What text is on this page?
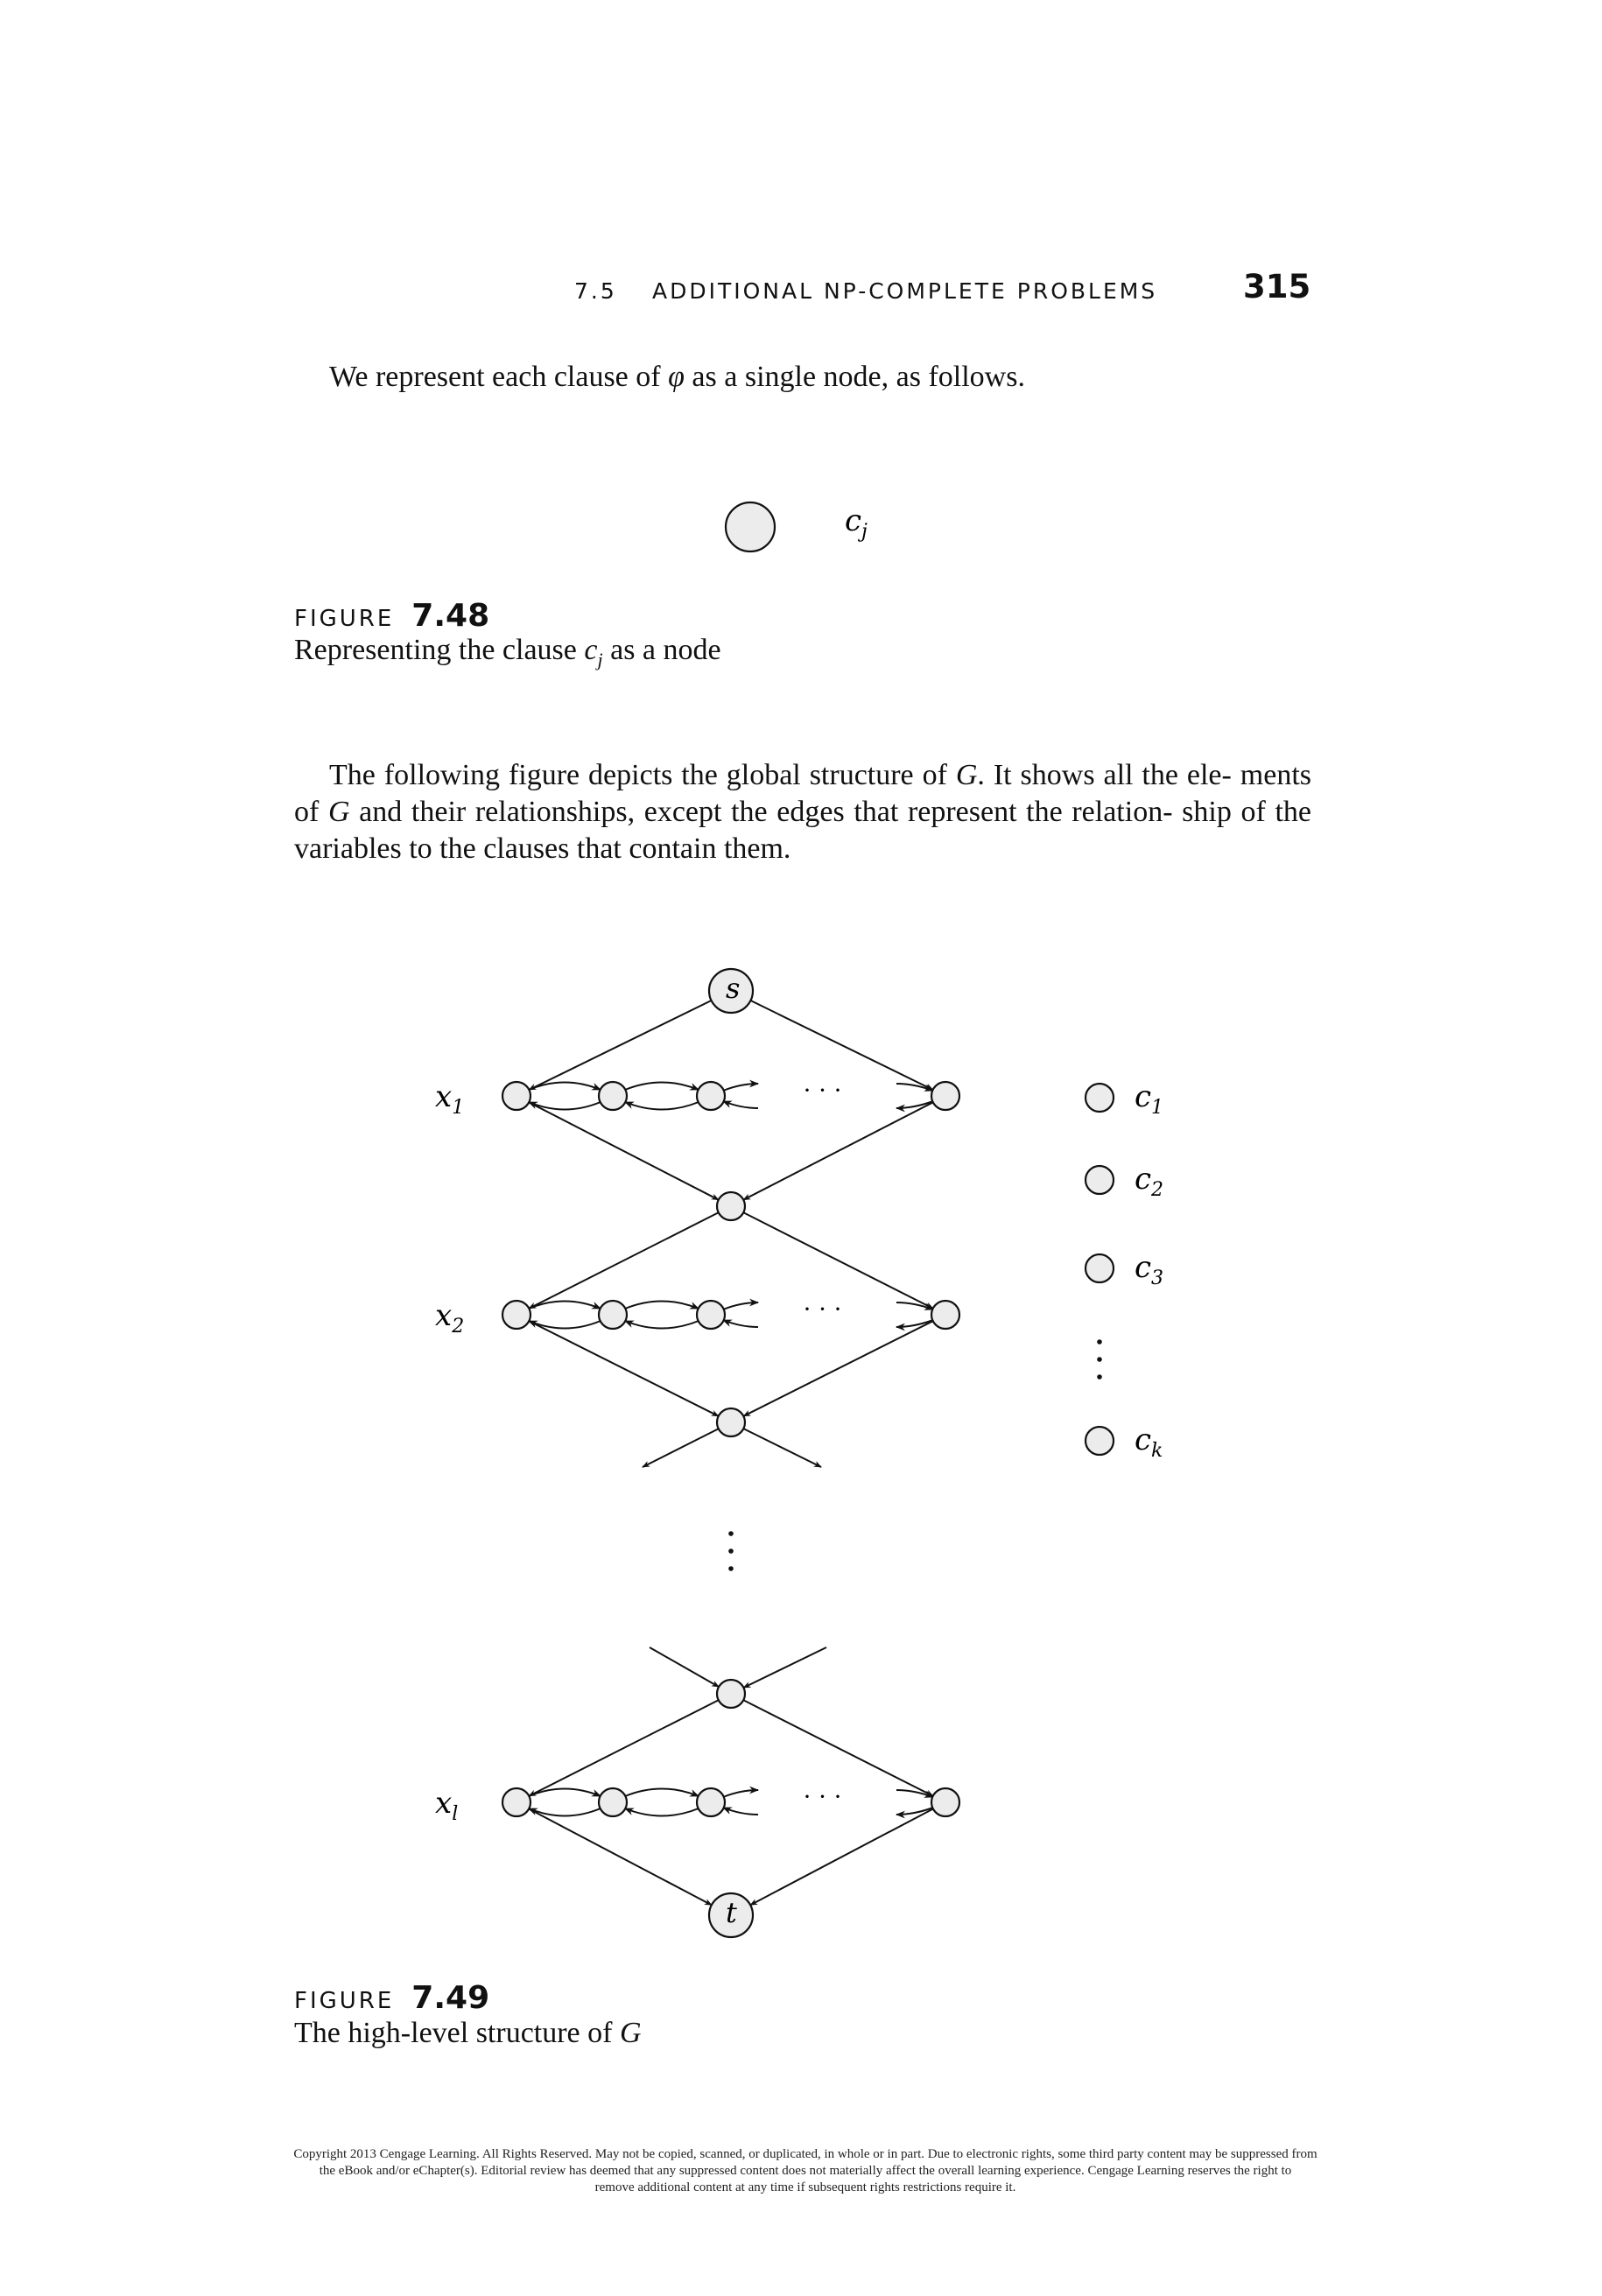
7.5 ADDITIONAL NP-COMPLETE PROBLEMS	315
We represent each clause of φ as a single node, as follows.
FIGURE 7.48
Representing the clause $c_j$ as a node
The following figure depicts the global structure of G. It shows all the ele- ments of G and their relationships, except the edges that represent the relation- ship of the variables to the clauses that contain them.
FIGURE 7.49
The high-level structure of G
Copyright 2013 Cengage Learning. All Rights Reserved. May not be copied, scanned, or duplicated, in whole or in part. Due to electronic rights, some third party content may be suppressed from
the eBook and/or eChapter(s). Editorial review has deemed that any suppressed content does not materially affect the overall learning experience. Cengage Learning reserves the right to
remove additional content at any time if subsequent rights restrictions require it.
$c_j$
s
t
$x_1$
$x_2$
$x_l$
· · ·
· · ·
· · ·
$c_1$
$c_2$
$c_3$
$c_k$
